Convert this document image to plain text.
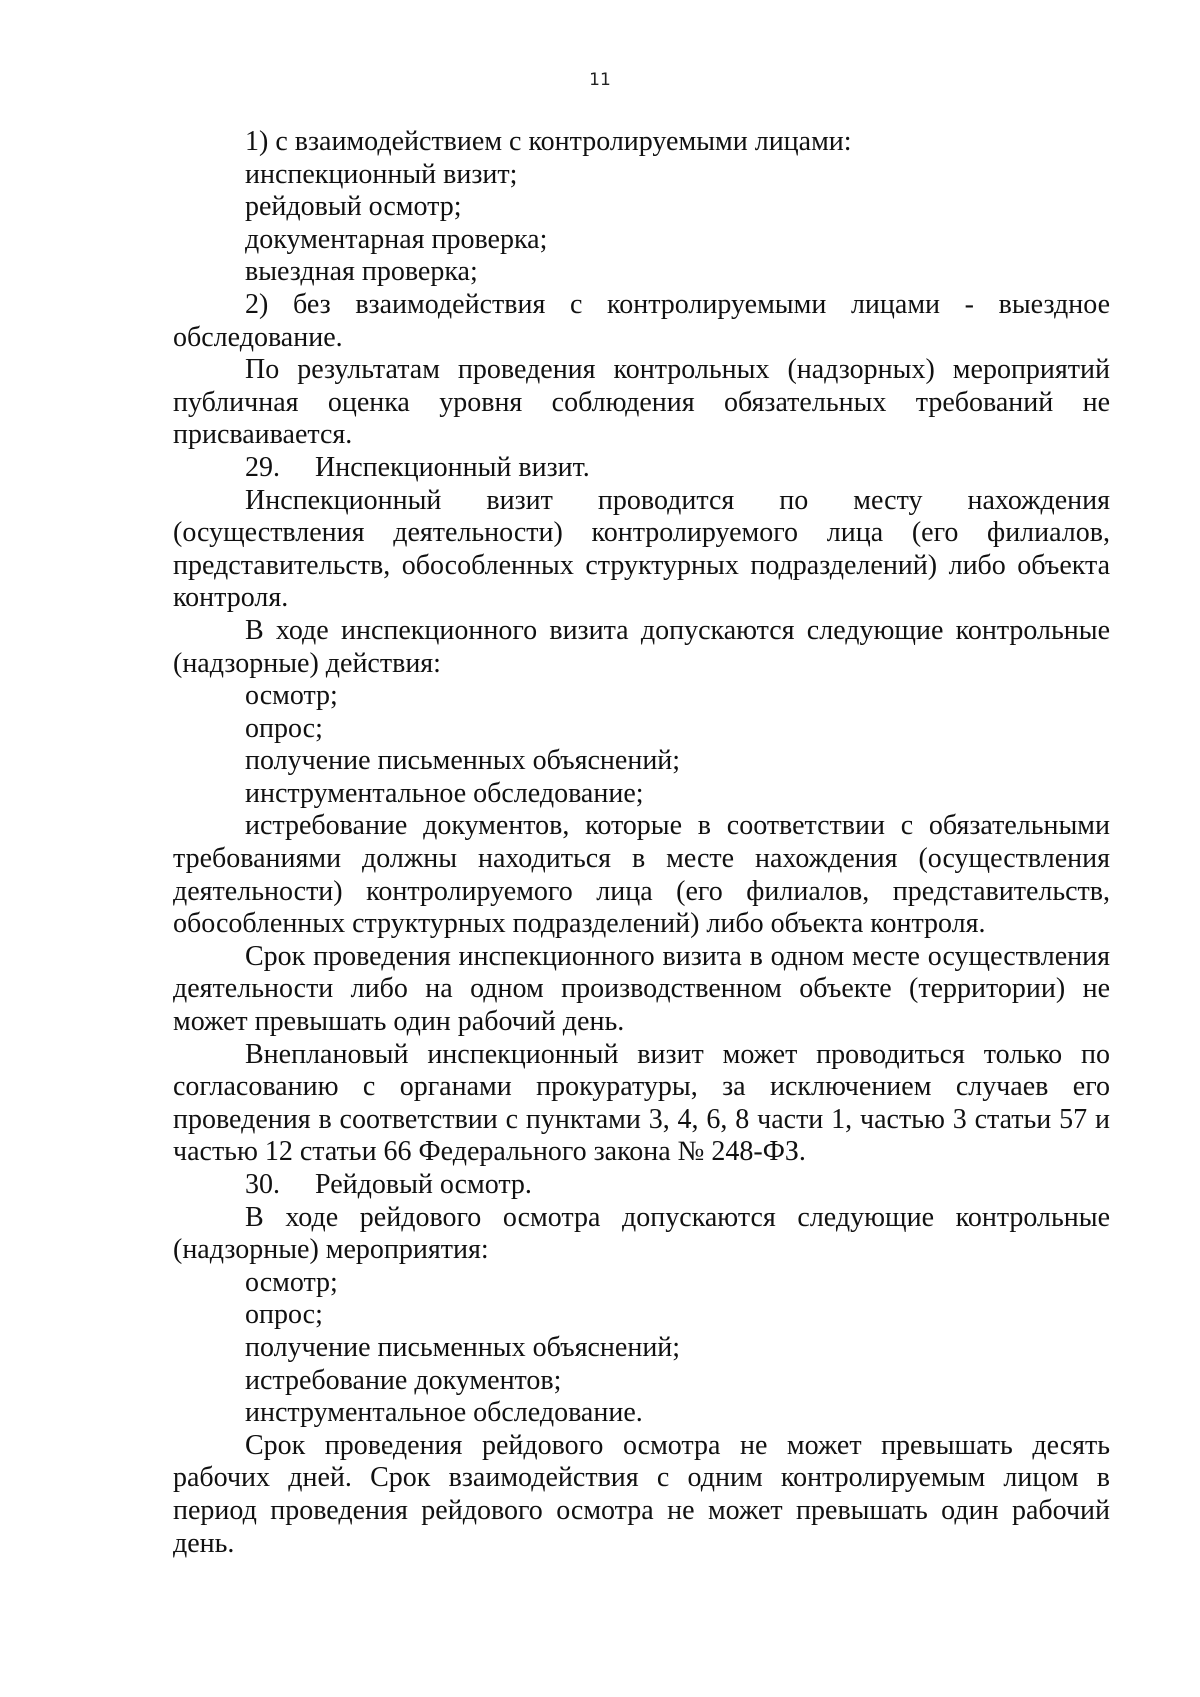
11

1) с взаимодействием с контролируемыми лицами:

инспекционный визит;

рейдовый осмотр;

документарная проверка;

выездная проверка;

2) без взаимодействия с контролируемыми лицами - выездное обследование.

По результатам проведения контрольных (надзорных) мероприятий публичная оценка уровня соблюдения обязательных требований не присваивается.

29. Инспекционный визит.

Инспекционный визит проводится по месту нахождения (осуществления деятельности) контролируемого лица (его филиалов, представительств, обособленных структурных подразделений) либо объекта контроля.

В ходе инспекционного визита допускаются следующие контрольные (надзорные) действия:

осмотр;

опрос;

получение письменных объяснений;

инструментальное обследование;

истребование документов, которые в соответствии с обязательными требованиями должны находиться в месте нахождения (осуществления деятельности) контролируемого лица (его филиалов, представительств, обособленных структурных подразделений) либо объекта контроля.

Срок проведения инспекционного визита в одном месте осуществления деятельности либо на одном производственном объекте (территории) не может превышать один рабочий день.

Внеплановый инспекционный визит может проводиться только по согласованию с органами прокуратуры, за исключением случаев его проведения в соответствии с пунктами 3, 4, 6, 8 части 1, частью 3 статьи 57 и частью 12 статьи 66 Федерального закона № 248-ФЗ.

30. Рейдовый осмотр.

В ходе рейдового осмотра допускаются следующие контрольные (надзорные) мероприятия:

осмотр;

опрос;

получение письменных объяснений;

истребование документов;

инструментальное обследование.

Срок проведения рейдового осмотра не может превышать десять рабочих дней. Срок взаимодействия с одним контролируемым лицом в период проведения рейдового осмотра не может превышать один рабочий день.
